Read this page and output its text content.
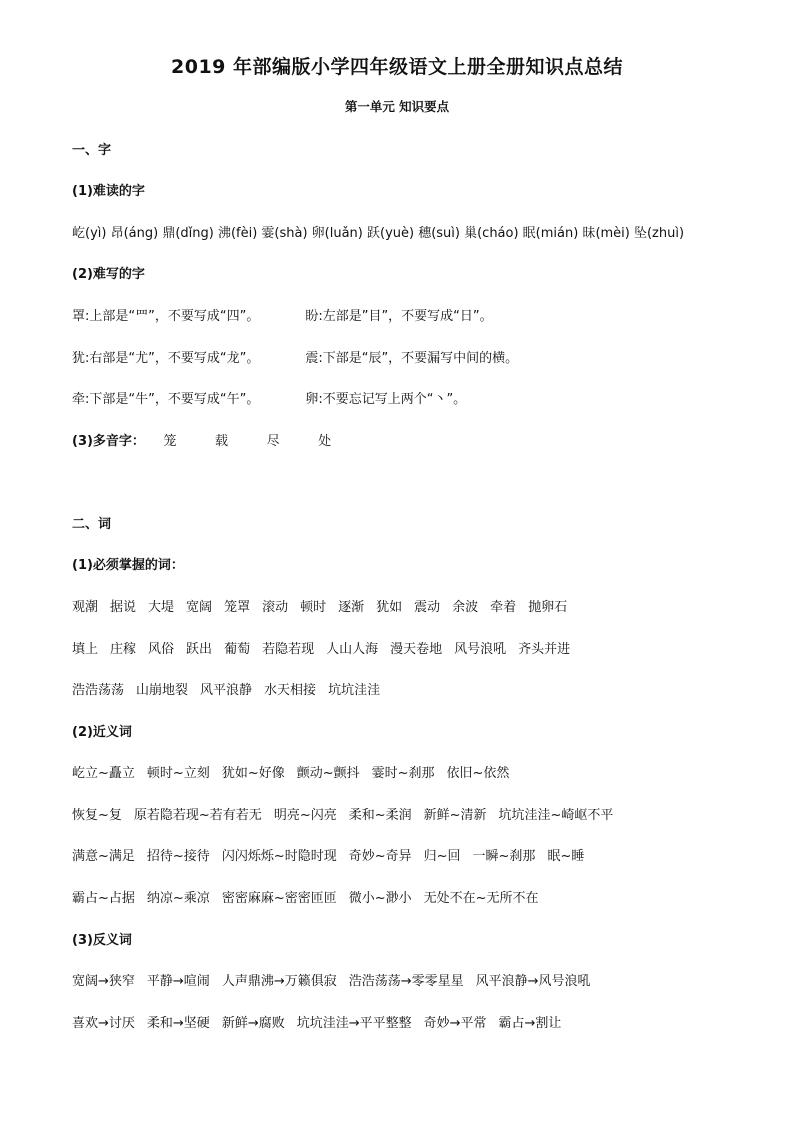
2019 年部编版小学四年级语文上册全册知识点总结
第一单元 知识要点
一、字
(1)难读的字
屹(yì) 昂(áng) 鼎(dǐng) 沸(fèi) 霎(shà) 卵(luǎn) 跃(yuè) 穗(suì) 巢(cháo) 眠(mián) 昧(mèi) 坠(zhuì)
(2)难写的字
罩:上部是“罒”，不要写成“四”。	盼:左部是”目”，不要写成“日”。
犹:右部是“尤”，不要写成“龙”。	震:下部是“辰”，不要漏写中间的横。
牵:下部是“牛”，不要写成“午”。	卵:不要忘记写上两个“丶”。
(3)多音字： 笼	载	尽	处
二、词
(1)必须掌握的词：
观潮 据说 大堤 宽阔 笼罩 滚动 顿时 逐渐 犹如 震动 余波 牵着 抛卵石
填上 庄稼 风俗 跃出 葡萄 若隐若现 人山人海 漫天卷地 风号浪吼 齐头并进
浩浩荡荡 山崩地裂 风平浪静 水天相接 坑坑洼洼
(2)近义词
屹立~矗立 顿时~立刻 犹如~好像 颤动~颤抖 霎时~刹那 依旧~依然
恢复~复 原若隐若现~若有若无 明亮~闪亮 柔和~柔润 新鲜~清新 坑坑洼洼~崎岖不平
满意~满足 招待~接待 闪闪烁烁~时隐时现 奇妙~奇异 归~回 一瞬~刹那 眠~睡
霸占~占据 纳凉~乘凉 密密麻麻~密密匝匝 微小~渺小 无处不在~无所不在
(3)反义词
宽阔→狭窄 平静→喧闹 人声鼎沸→万籁俱寂 浩浩荡荡→零零星星 风平浪静→风号浪吼
喜欢→讨厌 柔和→坚硬 新鲜→腐败 坑坑洼洼→平平整整 奇妙→平常 霸占→割让
